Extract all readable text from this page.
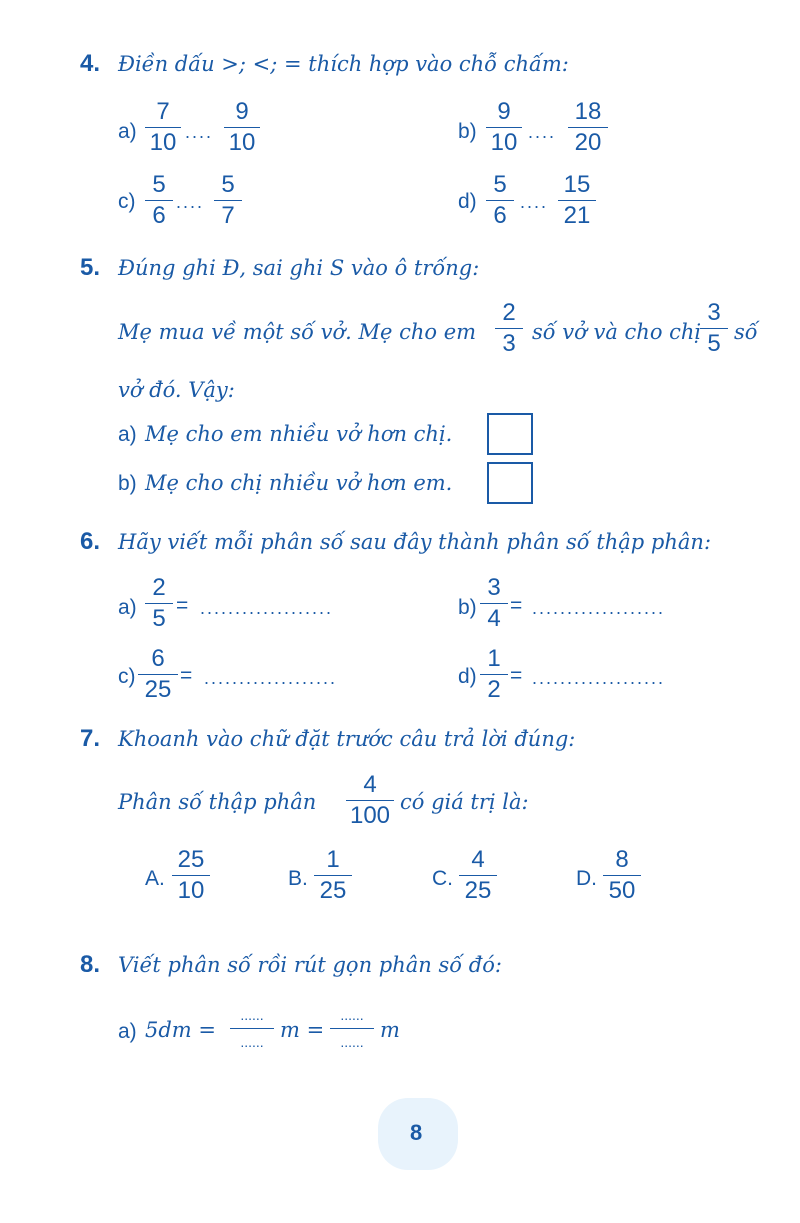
4. Điền dấu >; <; = thích hợp vào chỗ chấm:
$a) \frac{7}{10}$ .... $\frac{9}{10}$	$b) \frac{9}{10}$ .... $\frac{18}{20}$
$c) \frac{5}{6}$ .... $\frac{5}{7}$	$d) \frac{5}{6}$ .... $\frac{15}{21}$
5. Đúng ghi Đ, sai ghi S vào ô trống:
Mẹ mua về một số vở. Mẹ cho em $\frac{2}{3}$ số vở và cho chị
$\frac{3}{5}$ số
vở đó. Vậy:
a) Mẹ cho em nhiều vở hơn chị.
b) Mẹ cho chị nhiều vở hơn em.
6. Hãy viết mỗi phân số sau đây thành phân số thập phân:
$a) \frac{2}{5}$ = ...................	$b) \frac{3}{4}$ = ...................
$c) \frac{6}{25}$ = ...................	$d) \frac{1}{2}$ = ...................
7. Khoanh vào chữ đặt trước câu trả lời đúng:
Phân số thập phân $\frac{4}{100}$ có giá trị là:
A. $\frac{25}{10}$	B. $\frac{1}{25}$	C. $\frac{4}{25}$	D. $\frac{8}{50}$
8. Viết phân số rồi rút gọn phân số đó:
a) 5dm =
......
...... m =
......
...... m
8
